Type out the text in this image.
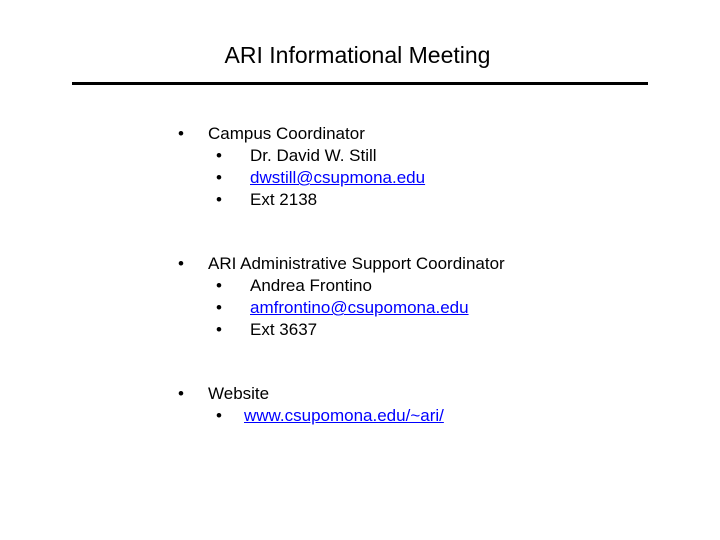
ARI Informational Meeting
• Campus Coordinator
• Dr. David W. Still
• dwstill@csupmona.edu
• Ext 2138
• ARI Administrative Support Coordinator
• Andrea Frontino
• amfrontino@csupomona.edu
• Ext 3637
• Website
• www.csupomona.edu/~ari/
